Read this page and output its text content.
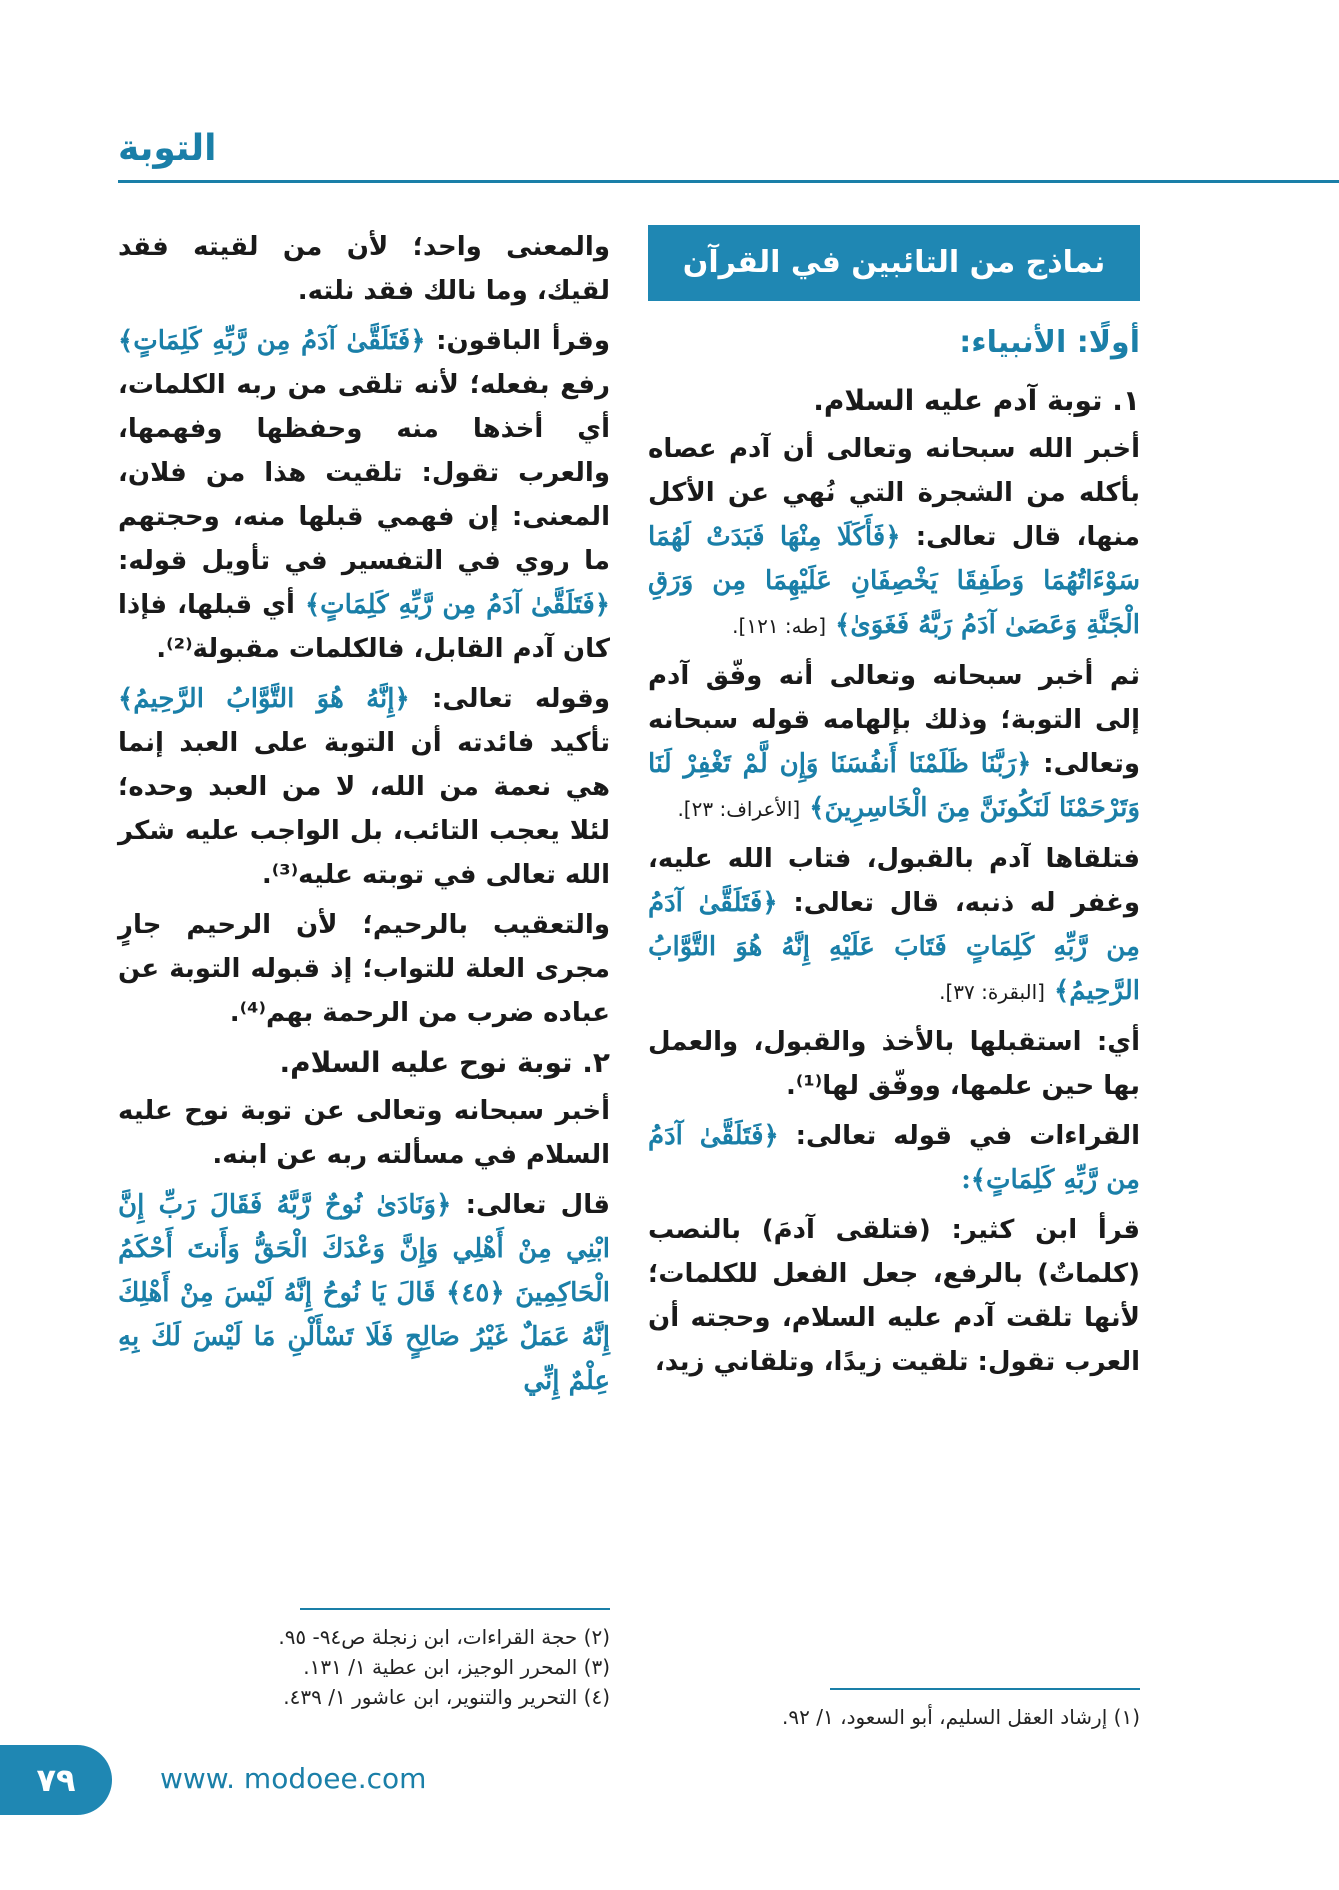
التوبة
نماذج من التائبين في القرآن
أولًا: الأنبياء:
١. توبة آدم عليه السلام.

أخبر الله سبحانه وتعالى أن آدم عصاه بأكله من الشجرة التي نُهي عن الأكل منها، قال تعالى: ﴿فَأَكَلَا مِنْهَا فَبَدَتْ لَهُمَا سَوْءَاتُهُمَا وَطَفِقَا يَخْصِفَانِ عَلَيْهِمَا مِن وَرَقِ الْجَنَّةِ وَعَصَىٰ آدَمُ رَبَّهُ فَغَوَىٰ﴾ [طه: ١٢١].

ثم أخبر سبحانه وتعالى أنه وفّق آدم إلى التوبة؛ وذلك بإلهامه قوله سبحانه وتعالى: ﴿رَبَّنَا ظَلَمْنَا أَنفُسَنَا وَإِن لَّمْ تَغْفِرْ لَنَا وَتَرْحَمْنَا لَنَكُونَنَّ مِنَ الْخَاسِرِينَ﴾ [الأعراف: ٢٣].

فتلقاها آدم بالقبول، فتاب الله عليه، وغفر له ذنبه، قال تعالى: ﴿فَتَلَقَّىٰ آدَمُ مِن رَّبِّهِ كَلِمَاتٍ فَتَابَ عَلَيْهِ إِنَّهُ هُوَ التَّوَّابُ الرَّحِيمُ﴾ [البقرة: ٣٧].

أي: استقبلها بالأخذ والقبول، والعمل بها حين علمها، ووفّق لها⁽¹⁾.

القراءات في قوله تعالى: ﴿فَتَلَقَّىٰ آدَمُ مِن رَّبِّهِ كَلِمَاتٍ﴾:

قرأ ابن كثير: (فتلقى آدمَ) بالنصب (كلماتٌ) بالرفع، جعل الفعل للكلمات؛ لأنها تلقت آدم عليه السلام، وحجته أن العرب تقول: تلقيت زيدًا، وتلقاني زيد،

والمعنى واحد؛ لأن من لقيته فقد لقيك، وما نالك فقد نلته.

وقرأ الباقون: ﴿فَتَلَقَّىٰ آدَمُ مِن رَّبِّهِ كَلِمَاتٍ﴾ رفع بفعله؛ لأنه تلقى من ربه الكلمات، أي أخذها منه وحفظها وفهمها، والعرب تقول: تلقيت هذا من فلان، المعنى: إن فهمي قبلها منه، وحجتهم ما روي في التفسير في تأويل قوله: ﴿فَتَلَقَّىٰ آدَمُ مِن رَّبِّهِ كَلِمَاتٍ﴾ أي قبلها، فإذا كان آدم القابل، فالكلمات مقبولة⁽²⁾.

وقوله تعالى: ﴿إِنَّهُ هُوَ التَّوَّابُ الرَّحِيمُ﴾ تأكيد فائدته أن التوبة على العبد إنما هي نعمة من الله، لا من العبد وحده؛ لئلا يعجب التائب، بل الواجب عليه شكر الله تعالى في توبته عليه⁽³⁾.

والتعقيب بالرحيم؛ لأن الرحيم جارٍ مجرى العلة للتواب؛ إذ قبوله التوبة عن عباده ضرب من الرحمة بهم⁽⁴⁾.

٢. توبة نوح عليه السلام.

أخبر سبحانه وتعالى عن توبة نوح عليه السلام في مسألته ربه عن ابنه.

قال تعالى: ﴿وَنَادَىٰ نُوحٌ رَّبَّهُ فَقَالَ رَبِّ إِنَّ ابْنِي مِنْ أَهْلِي وَإِنَّ وَعْدَكَ الْحَقُّ وَأَنتَ أَحْكَمُ الْحَاكِمِينَ ﴿٤٥﴾ قَالَ يَا نُوحُ إِنَّهُ لَيْسَ مِنْ أَهْلِكَ إِنَّهُ عَمَلٌ غَيْرُ صَالِحٍ فَلَا تَسْأَلْنِ مَا لَيْسَ لَكَ بِهِ عِلْمٌ إِنِّي

(٢) حجة القراءات، ابن زنجلة ص٩٤- ٩٥.
(٣) المحرر الوجيز، ابن عطية ١/ ١٣١.
(٤) التحرير والتنوير، ابن عاشور ١/ ٤٣٩.
(١) إرشاد العقل السليم، أبو السعود، ١/ ٩٢.
٧٩	www. modoee.com
